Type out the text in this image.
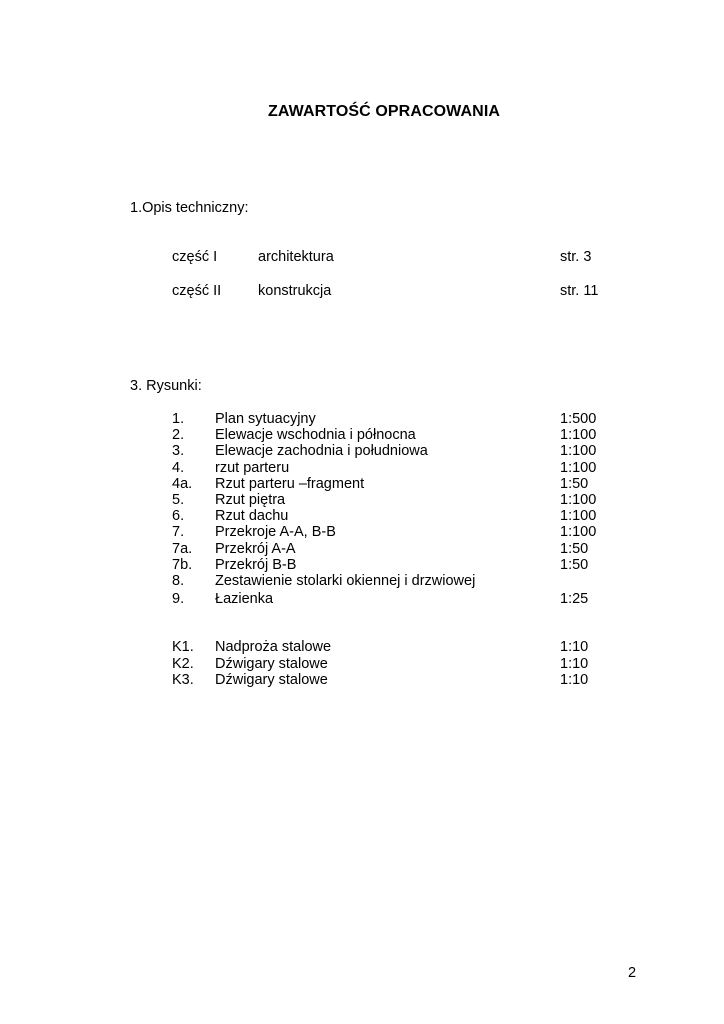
ZAWARTOŚĆ OPRACOWANIA
1.Opis techniczny:
część I	architektura	str. 3
część II	konstrukcja	str. 11
3. Rysunki:
1. Plan sytuacyjny	1:500
2. Elewacje wschodnia i północna	1:100
3. Elewacje zachodnia i południowa	1:100
4. rzut parteru	1:100
4a. Rzut parteru –fragment	1:50
5. Rzut piętra	1:100
6. Rzut dachu	1:100
7. Przekroje A-A, B-B	1:100
7a. Przekrój A-A	1:50
7b. Przekrój B-B	1:50
8. Zestawienie stolarki okiennej i drzwiowej
9. Łazienka	1:25
K1. Nadproża stalowe	1:10
K2. Dźwigary stalowe	1:10
K3. Dźwigary stalowe	1:10
2
